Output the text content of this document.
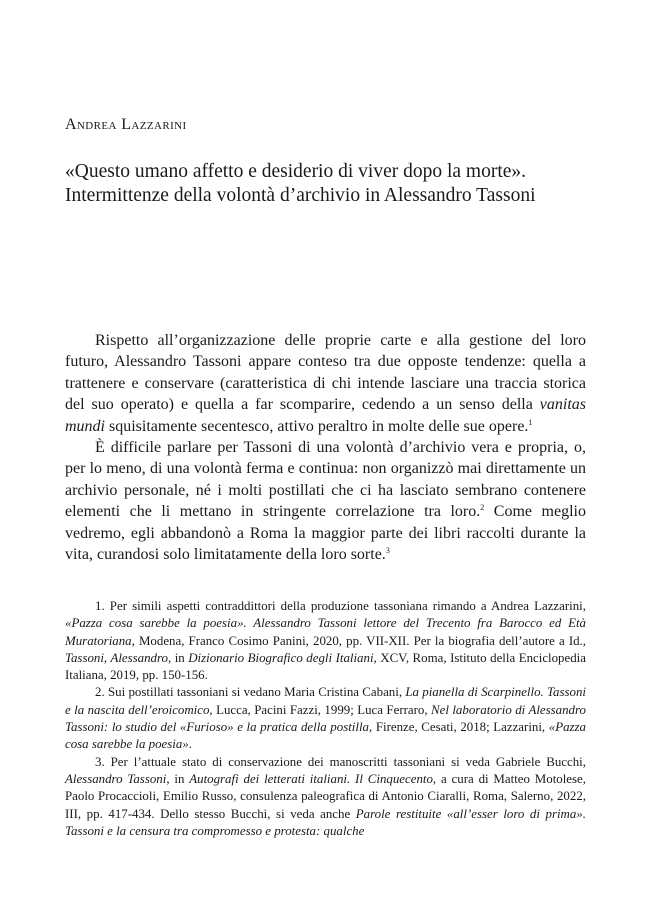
Andrea Lazzarini
«Questo umano affetto e desiderio di viver dopo la morte».
Intermittenze della volontà d’archivio in Alessandro Tassoni

Rispetto all’organizzazione delle proprie carte e alla gestione del loro futuro, Alessandro Tassoni appare conteso tra due opposte tendenze: quella a trattenere e conservare (caratteristica di chi intende lasciare una traccia storica del suo operato) e quella a far scomparire, cedendo a un senso della vanitas mundi squisitamente secentesco, attivo peraltro in molte delle sue opere.$^1$

È difficile parlare per Tassoni di una volontà d’archivio vera e propria, o, per lo meno, di una volontà ferma e continua: non organizzò mai direttamente un archivio personale, né i molti postillati che ci ha lasciato sembrano contenere elementi che li mettano in stringente correlazione tra loro.$^2$ Come meglio vedremo, egli abbandonò a Roma la maggior parte dei libri raccolti durante la vita, curandosi solo limitatamente della loro sorte.$^3$

1. Per simili aspetti contraddittori della produzione tassoniana rimando a Andrea Lazzarini, «Pazza cosa sarebbe la poesia». Alessandro Tassoni lettore del Trecento fra Barocco ed Età Muratoriana, Modena, Franco Cosimo Panini, 2020, pp. VII-XII. Per la biografia dell’autore a Id., Tassoni, Alessandro, in Dizionario Biografico degli Italiani, XCV, Roma, Istituto della Enciclopedia Italiana, 2019, pp. 150-156.

2. Sui postillati tassoniani si vedano Maria Cristina Cabani, La pianella di Scarpinello. Tassoni e la nascita dell’eroicomico, Lucca, Pacini Fazzi, 1999; Luca Ferraro, Nel laboratorio di Alessandro Tassoni: lo studio del «Furioso» e la pratica della postilla, Firenze, Cesati, 2018; Lazzarini, «Pazza cosa sarebbe la poesia».

3. Per l’attuale stato di conservazione dei manoscritti tassoniani si veda Gabriele Bucchi, Alessandro Tassoni, in Autografi dei letterati italiani. Il Cinquecento, a cura di Matteo Motolese, Paolo Procaccioli, Emilio Russo, consulenza paleografica di Antonio Ciaralli, Roma, Salerno, 2022, III, pp. 417-434. Dello stesso Bucchi, si veda anche Parole restituite «all’esser loro di prima». Tassoni e la censura tra compromesso e protesta: qualche
